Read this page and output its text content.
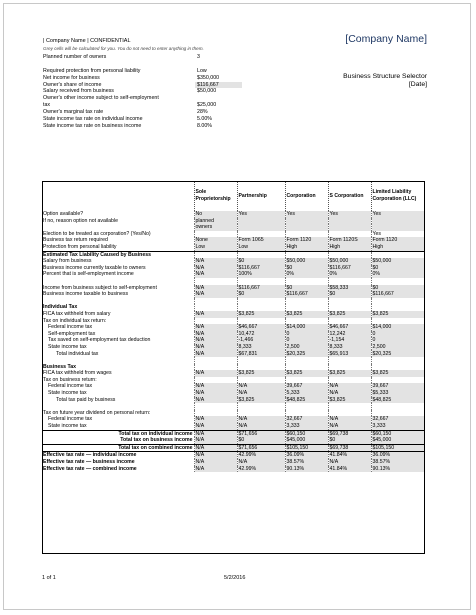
| Company Name | CONFIDENTIAL	[Company Name]
Business Structure Selector
[Date]
Grey cells will be calculated for you. You do not need to enter anything in them.
Planned number of owners	3
Required protection from personal liability	Low
Net income for business	$350,000
Owner's share of income	$116,667
Salary received from business	$50,000
Owner's other income subject to self-employment
tax	$25,000
Owner's marginal tax rate	28%
State income tax rate on individual income	5.00%
State income tax rate on business income	8.00%
	Sole Proprietorship	Partnership	Corporation	S Corporation	Limited Liability Corporation (LLC)
Option available?	No	Yes	Yes	Yes	Yes
If no, reason option not available	planned				
	owners				
Election to be treated as corporation? (Yes/No)					Yes
Business tax return required	None	Form 1065	Form 1120	Form 1120S	Form 1120
Protection from personal liability	Low	Low	High	High	High
Estimated Tax Liability Caused by Business					
Salary from business	N/A	$0	$50,000	$50,000	$50,000
Business income currently taxable to owners	N/A	$116,667	$0	$116,667	$0
Percent that is self-employment income	N/A	100%	0%	0%	0%

Income from business subject to self-employment	N/A	$116,667	$0	$58,333	$0
Business income taxable to business	N/A	$0	$116,667	$0	$116,667

Individual Tax					
FICA tax withheld from salary	N/A	$3,825	$3,825	$3,825	$3,825
Tax on individual tax return:					
Federal income tax	N/A	$46,667	$14,000	$46,667	$14,000
Self-employment tax	N/A	10,472	0	12,242	0
Tax saved on self-employment tax deduction	N/A	-1,466	0	-1,154	0
State income tax	N/A	8,333	2,500	8,333	2,500
Total individual tax	N/A	$67,831	$20,325	$65,913	$20,325

Business Tax					
FICA tax withheld from wages	N/A	$3,825	$3,825	$3,825	$3,825
Tax on business return:					
Federal income tax	N/A	N/A	39,667	N/A	39,667
State income tax	N/A	N/A	5,333	N/A	$5,333
Total tax paid by business	N/A	$3,825	$48,825	$3,825	$48,825

Tax on future year dividend on personal return:					
Federal income tax	N/A	N/A	32,667	N/A	32,667
State income tax	N/A	N/A	3,333	N/A	3,333
Total tax on individual income	N/A	$71,656	$60,150	$69,738	$60,150
Total tax on business income	N/A	$0	$45,000	$0	$45,000
Total tax on combined income	N/A	$71,656	$105,150	$69,738	$105,150
Effective tax rate — individual income	N/A	42.99%	36.09%	41.84%	36.09%
Effective tax rate — business income	N/A	N/A	38.57%	N/A	38.57%
Effective tax rate — combined income	N/A	42.99%	90.13%	41.84%	90.13%
1 of 1	5/2/2016
